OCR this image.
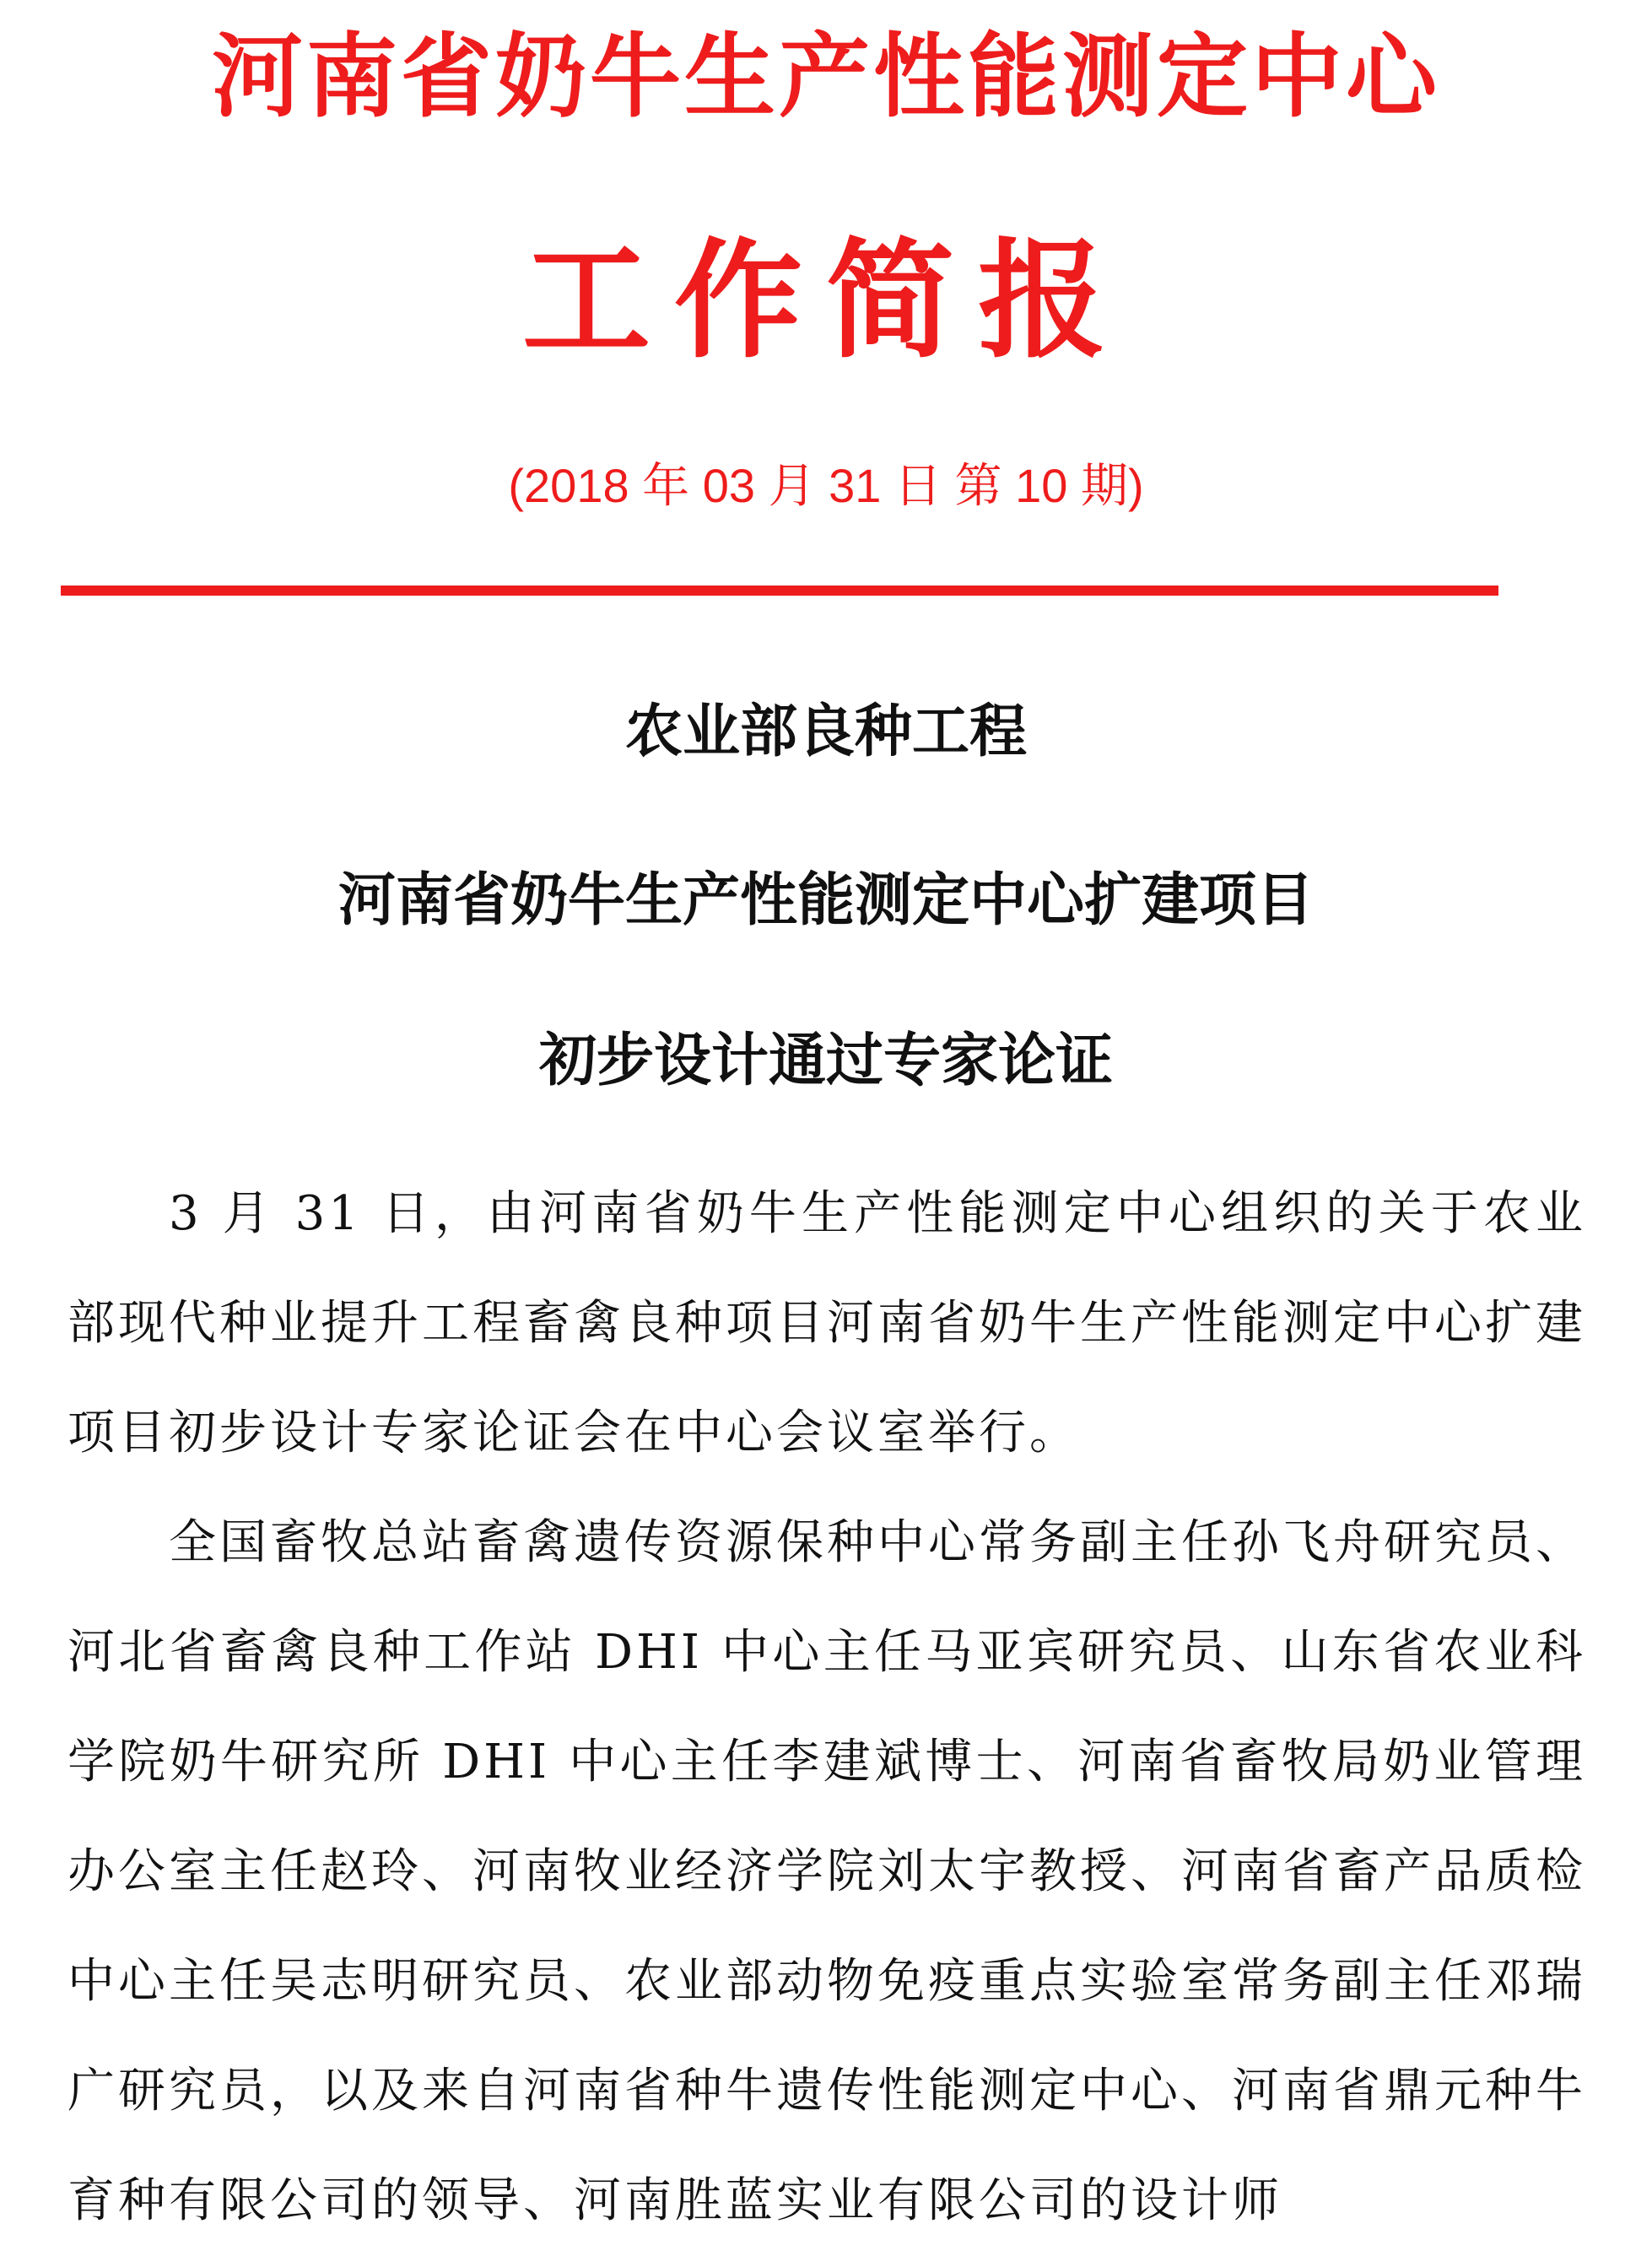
河南省奶牛生产性能测定中心
工作简报
(2018 年 03 月 31 日 第 10 期)
农业部良种工程
河南省奶牛生产性能测定中心扩建项目
初步设计通过专家论证

3 月 31 日，由河南省奶牛生产性能测定中心组织的关于农业部现代种业提升工程畜禽良种项目河南省奶牛生产性能测定中心扩建项目初步设计专家论证会在中心会议室举行。

全国畜牧总站畜禽遗传资源保种中心常务副主任孙飞舟研究员、河北省畜禽良种工作站 DHI 中心主任马亚宾研究员、山东省农业科学院奶牛研究所 DHI 中心主任李建斌博士、河南省畜牧局奶业管理办公室主任赵玲、河南牧业经济学院刘太宇教授、河南省畜产品质检中心主任吴志明研究员、农业部动物免疫重点实验室常务副主任邓瑞广研究员，以及来自河南省种牛遗传性能测定中心、河南省鼎元种牛育种有限公司的领导、河南胜蓝实业有限公司的设计师
